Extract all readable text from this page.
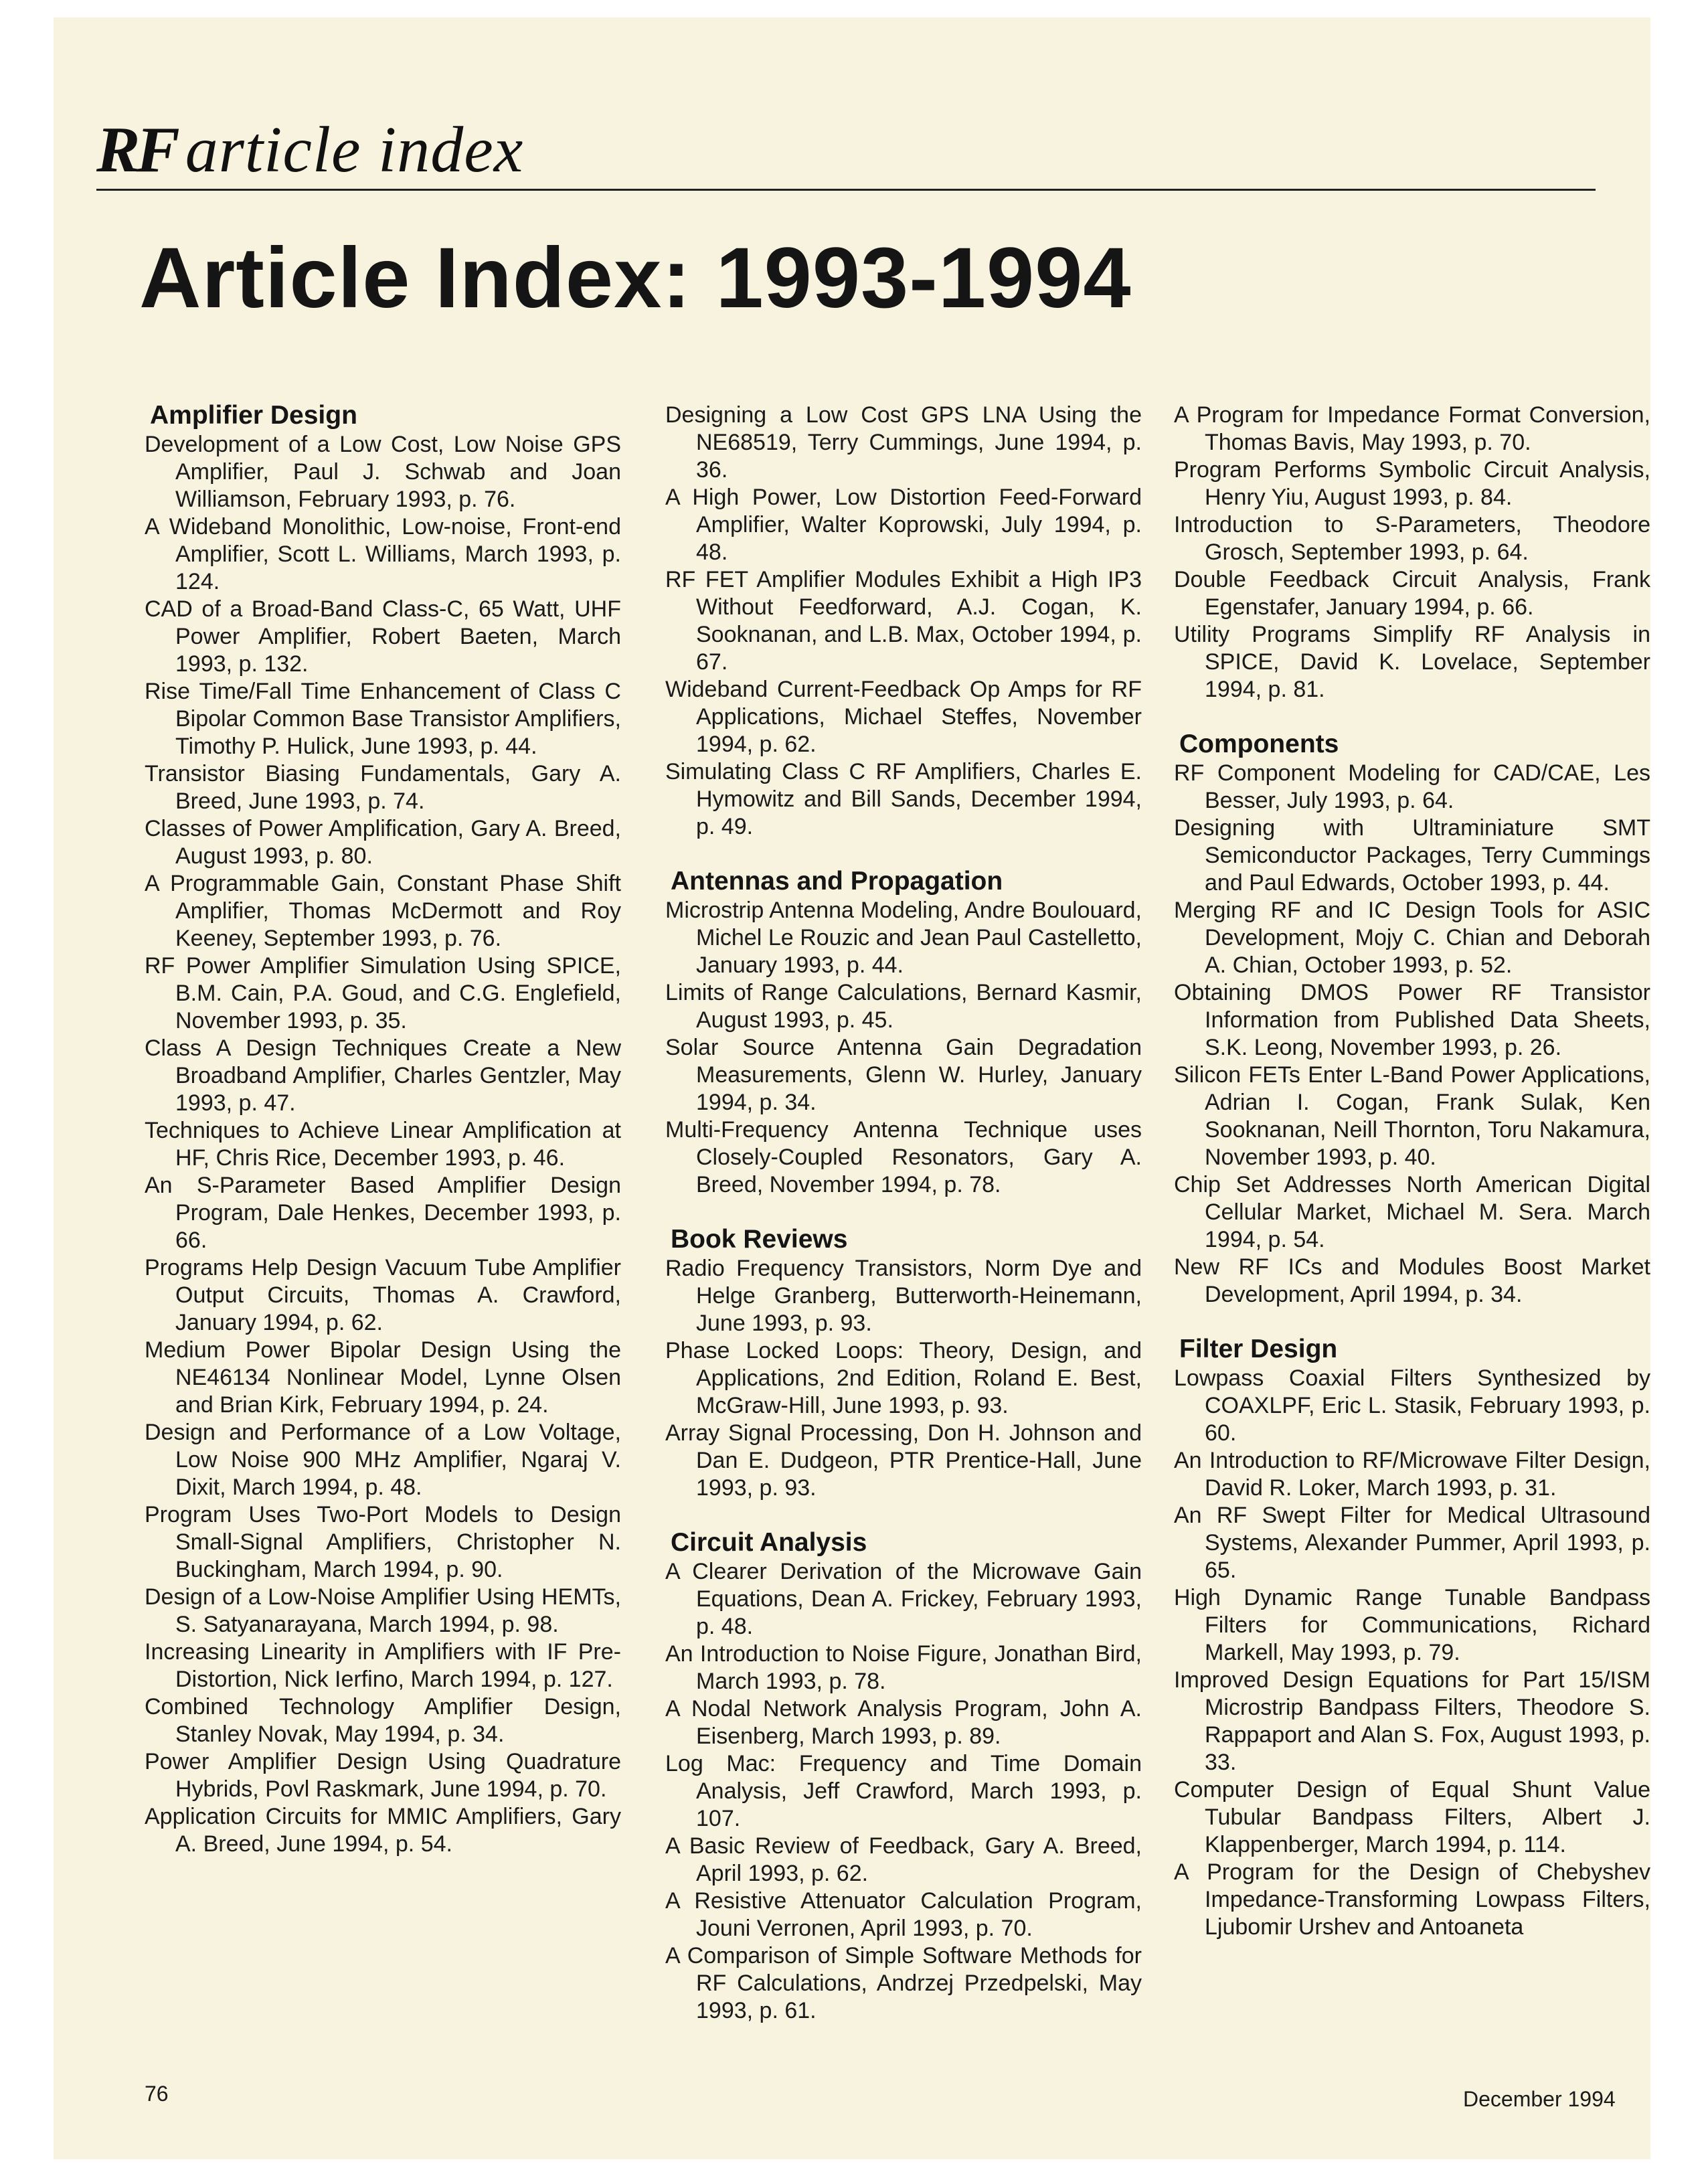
RF article index
Article Index: 1993-1994
Amplifier Design
Development of a Low Cost, Low Noise GPS Amplifier, Paul J. Schwab and Joan Williamson, February 1993, p. 76.
A Wideband Monolithic, Low-noise, Front-end Amplifier, Scott L. Williams, March 1993, p. 124.
CAD of a Broad-Band Class-C, 65 Watt, UHF Power Amplifier, Robert Baeten, March 1993, p. 132.
Rise Time/Fall Time Enhancement of Class C Bipolar Common Base Transistor Amplifiers, Timothy P. Hulick, June 1993, p. 44.
Transistor Biasing Fundamentals, Gary A. Breed, June 1993, p. 74.
Classes of Power Amplification, Gary A. Breed, August 1993, p. 80.
A Programmable Gain, Constant Phase Shift Amplifier, Thomas McDermott and Roy Keeney, September 1993, p. 76.
RF Power Amplifier Simulation Using SPICE, B.M. Cain, P.A. Goud, and C.G. Englefield, November 1993, p. 35.
Class A Design Techniques Create a New Broadband Amplifier, Charles Gentzler, May 1993, p. 47.
Techniques to Achieve Linear Amplification at HF, Chris Rice, December 1993, p. 46.
An S-Parameter Based Amplifier Design Program, Dale Henkes, December 1993, p. 66.
Programs Help Design Vacuum Tube Amplifier Output Circuits, Thomas A. Crawford, January 1994, p. 62.
Medium Power Bipolar Design Using the NE46134 Nonlinear Model, Lynne Olsen and Brian Kirk, February 1994, p. 24.
Design and Performance of a Low Voltage, Low Noise 900 MHz Amplifier, Ngaraj V. Dixit, March 1994, p. 48.
Program Uses Two-Port Models to Design Small-Signal Amplifiers, Christopher N. Buckingham, March 1994, p. 90.
Design of a Low-Noise Amplifier Using HEMTs, S. Satyanarayana, March 1994, p. 98.
Increasing Linearity in Amplifiers with IF Pre-Distortion, Nick Ierfino, March 1994, p. 127.
Combined Technology Amplifier Design, Stanley Novak, May 1994, p. 34.
Power Amplifier Design Using Quadrature Hybrids, Povl Raskmark, June 1994, p. 70.
Application Circuits for MMIC Amplifiers, Gary A. Breed, June 1994, p. 54.
Designing a Low Cost GPS LNA Using the NE68519, Terry Cummings, June 1994, p. 36.
A High Power, Low Distortion Feed-Forward Amplifier, Walter Koprowski, July 1994, p. 48.
RF FET Amplifier Modules Exhibit a High IP3 Without Feedforward, A.J. Cogan, K. Sooknanan, and L.B. Max, October 1994, p. 67.
Wideband Current-Feedback Op Amps for RF Applications, Michael Steffes, November 1994, p. 62.
Simulating Class C RF Amplifiers, Charles E. Hymowitz and Bill Sands, December 1994, p. 49.
Antennas and Propagation
Microstrip Antenna Modeling, Andre Boulouard, Michel Le Rouzic and Jean Paul Castelletto, January 1993, p. 44.
Limits of Range Calculations, Bernard Kasmir, August 1993, p. 45.
Solar Source Antenna Gain Degradation Measurements, Glenn W. Hurley, January 1994, p. 34.
Multi-Frequency Antenna Technique uses Closely-Coupled Resonators, Gary A. Breed, November 1994, p. 78.
Book Reviews
Radio Frequency Transistors, Norm Dye and Helge Granberg, Butterworth-Heinemann, June 1993, p. 93.
Phase Locked Loops: Theory, Design, and Applications, 2nd Edition, Roland E. Best, McGraw-Hill, June 1993, p. 93.
Array Signal Processing, Don H. Johnson and Dan E. Dudgeon, PTR Prentice-Hall, June 1993, p. 93.
Circuit Analysis
A Clearer Derivation of the Microwave Gain Equations, Dean A. Frickey, February 1993, p. 48.
An Introduction to Noise Figure, Jonathan Bird, March 1993, p. 78.
A Nodal Network Analysis Program, John A. Eisenberg, March 1993, p. 89.
Log Mac: Frequency and Time Domain Analysis, Jeff Crawford, March 1993, p. 107.
A Basic Review of Feedback, Gary A. Breed, April 1993, p. 62.
A Resistive Attenuator Calculation Program, Jouni Verronen, April 1993, p. 70.
A Comparison of Simple Software Methods for RF Calculations, Andrzej Przedpelski, May 1993, p. 61.
A Program for Impedance Format Conversion, Thomas Bavis, May 1993, p. 70.
Program Performs Symbolic Circuit Analysis, Henry Yiu, August 1993, p. 84.
Introduction to S-Parameters, Theodore Grosch, September 1993, p. 64.
Double Feedback Circuit Analysis, Frank Egenstafer, January 1994, p. 66.
Utility Programs Simplify RF Analysis in SPICE, David K. Lovelace, September 1994, p. 81.
Components
RF Component Modeling for CAD/CAE, Les Besser, July 1993, p. 64.
Designing with Ultraminiature SMT Semiconductor Packages, Terry Cummings and Paul Edwards, October 1993, p. 44.
Merging RF and IC Design Tools for ASIC Development, Mojy C. Chian and Deborah A. Chian, October 1993, p. 52.
Obtaining DMOS Power RF Transistor Information from Published Data Sheets, S.K. Leong, November 1993, p. 26.
Silicon FETs Enter L-Band Power Applications, Adrian I. Cogan, Frank Sulak, Ken Sooknanan, Neill Thornton, Toru Nakamura, November 1993, p. 40.
Chip Set Addresses North American Digital Cellular Market, Michael M. Sera. March 1994, p. 54.
New RF ICs and Modules Boost Market Development, April 1994, p. 34.
Filter Design
Lowpass Coaxial Filters Synthesized by COAXLPF, Eric L. Stasik, February 1993, p. 60.
An Introduction to RF/Microwave Filter Design, David R. Loker, March 1993, p. 31.
An RF Swept Filter for Medical Ultrasound Systems, Alexander Pummer, April 1993, p. 65.
High Dynamic Range Tunable Bandpass Filters for Communications, Richard Markell, May 1993, p. 79.
Improved Design Equations for Part 15/ISM Microstrip Bandpass Filters, Theodore S. Rappaport and Alan S. Fox, August 1993, p. 33.
Computer Design of Equal Shunt Value Tubular Bandpass Filters, Albert J. Klappenberger, March 1994, p. 114.
A Program for the Design of Chebyshev Impedance-Transforming Lowpass Filters, Ljubomir Urshev and Antoaneta
76	December 1994
